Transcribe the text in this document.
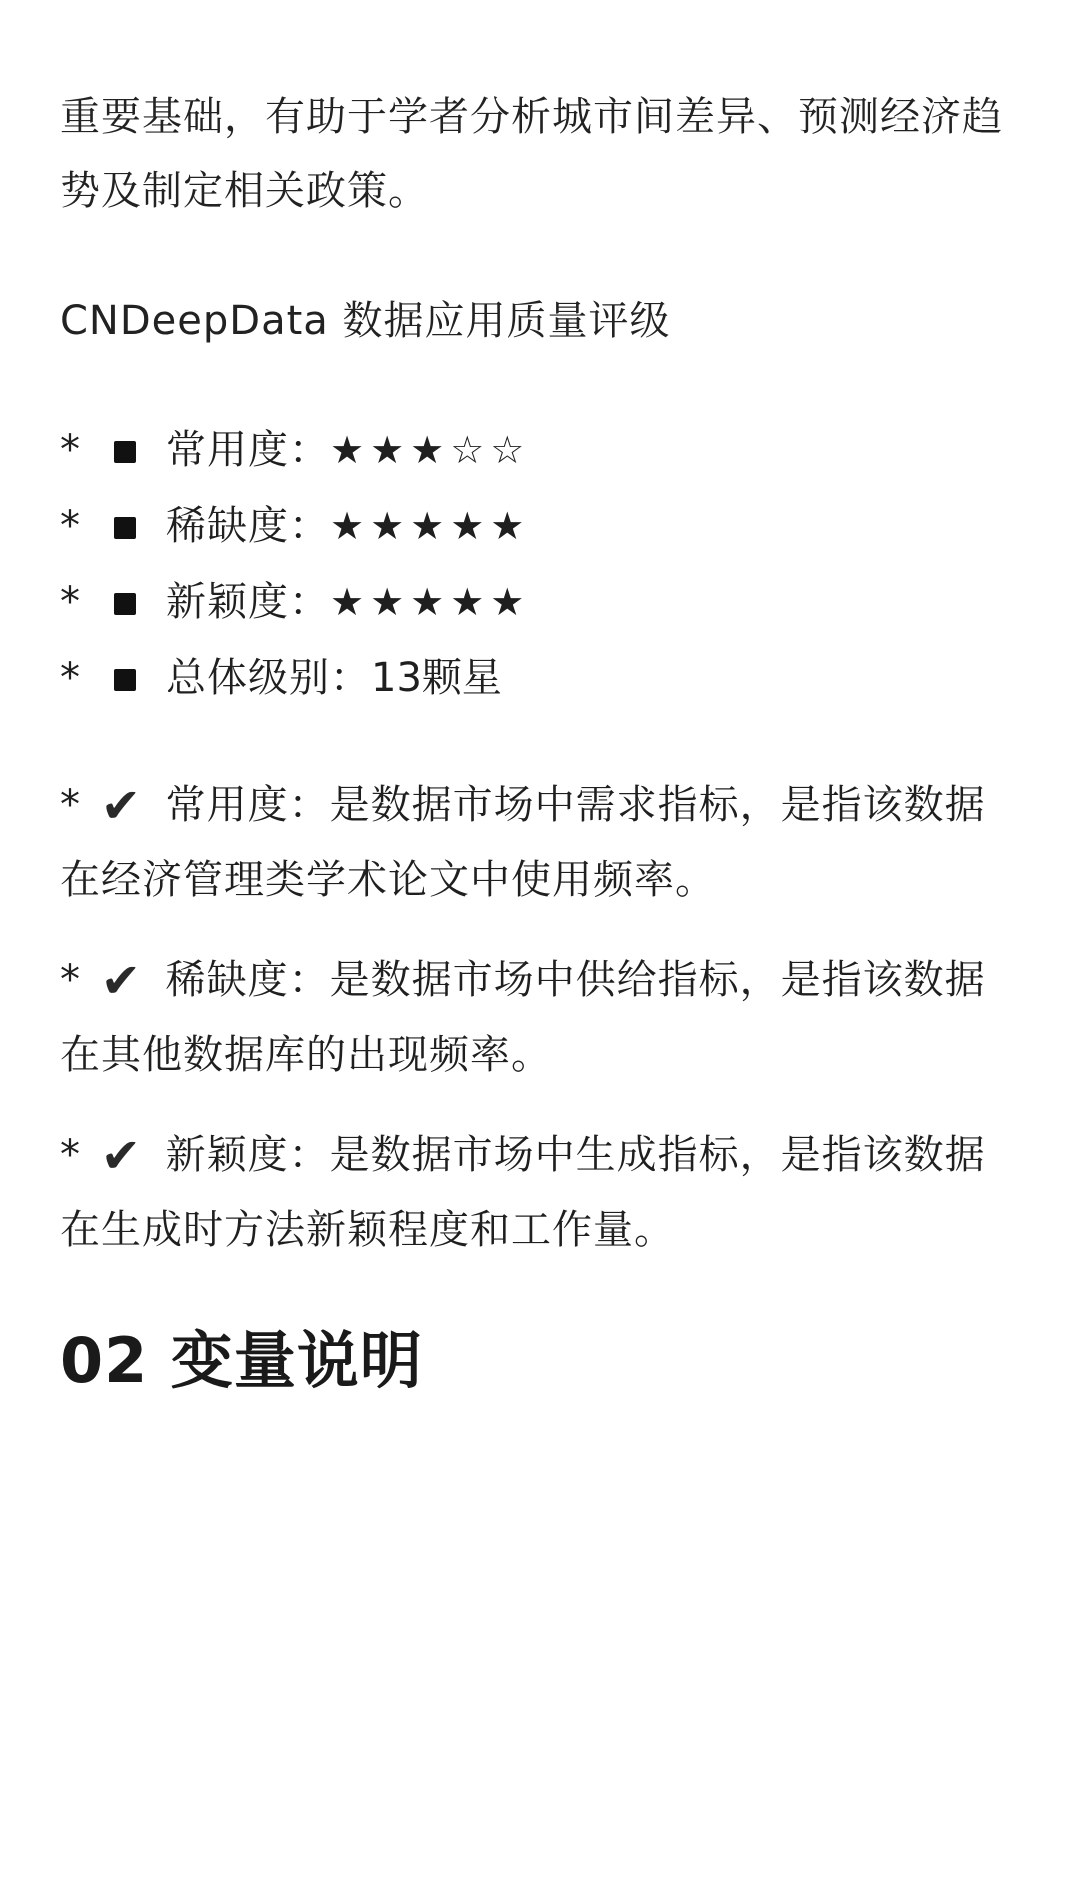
重要基础，有助于学者分析城市间差异、预测经济趋势及制定相关政策。

CNDeepData 数据应用质量评级

*	常用度： ★★★☆☆
*	稀缺度： ★★★★★
*	新颖度： ★★★★★
*	总体级别： 13颗星

* ✔ 常用度：是数据市场中需求指标，是指该数据在经济管理类学术论文中使用频率。

* ✔ 稀缺度：是数据市场中供给指标，是指该数据在其他数据库的出现频率。

* ✔ 新颖度：是数据市场中生成指标，是指该数据在生成时方法新颖程度和工作量。

02 变量说明
